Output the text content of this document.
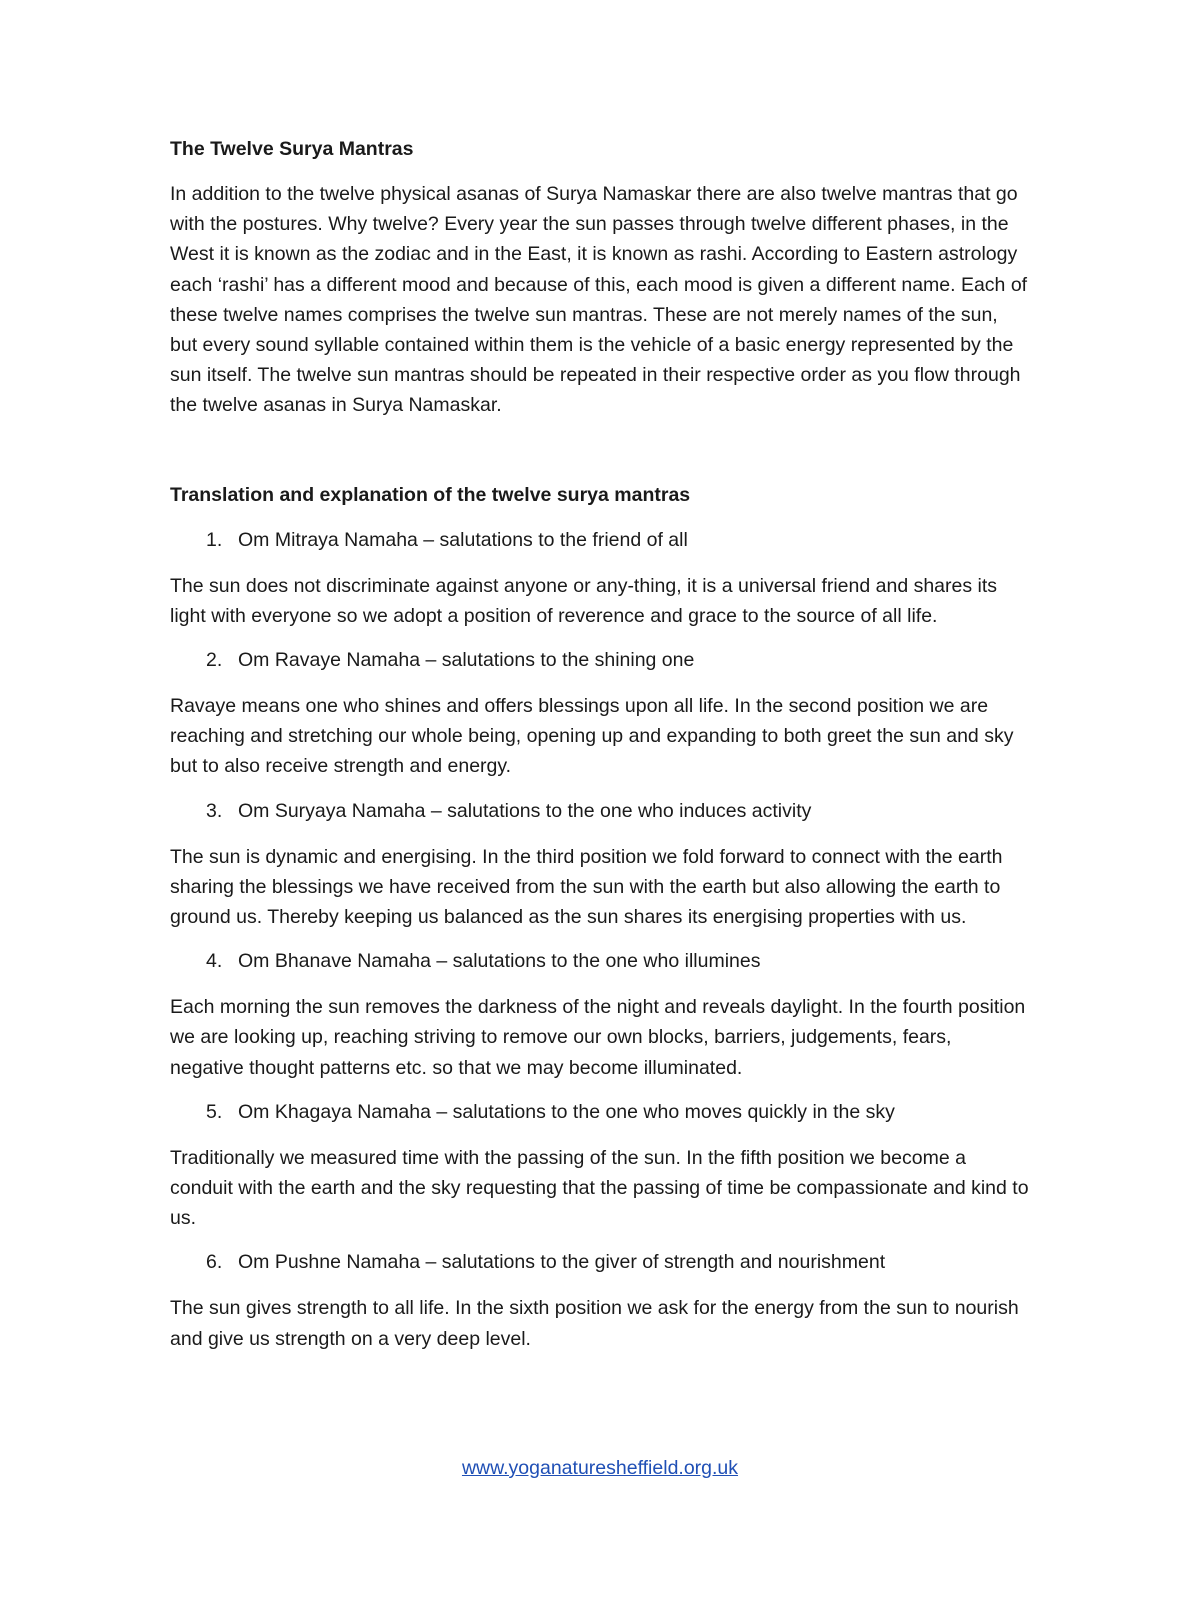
The Twelve Surya Mantras

In addition to the twelve physical asanas of Surya Namaskar there are also twelve mantras that go with the postures. Why twelve? Every year the sun passes through twelve different phases, in the West it is known as the zodiac and in the East, it is known as rashi. According to Eastern astrology each ‘rashi’ has a different mood and because of this, each mood is given a different name. Each of these twelve names comprises the twelve sun mantras. These are not merely names of the sun, but every sound syllable contained within them is the vehicle of a basic energy represented by the sun itself. The twelve sun mantras should be repeated in their respective order as you flow through the twelve asanas in Surya Namaskar.

Translation and explanation of the twelve surya mantras

1. Om Mitraya Namaha – salutations to the friend of all

The sun does not discriminate against anyone or any-thing, it is a universal friend and shares its light with everyone so we adopt a position of reverence and grace to the source of all life.

2. Om Ravaye Namaha – salutations to the shining one

Ravaye means one who shines and offers blessings upon all life. In the second position we are reaching and stretching our whole being, opening up and expanding to both greet the sun and sky but to also receive strength and energy.

3. Om Suryaya Namaha – salutations to the one who induces activity

The sun is dynamic and energising. In the third position we fold forward to connect with the earth sharing the blessings we have received from the sun with the earth but also allowing the earth to ground us. Thereby keeping us balanced as the sun shares its energising properties with us.

4. Om Bhanave Namaha – salutations to the one who illumines

Each morning the sun removes the darkness of the night and reveals daylight. In the fourth position we are looking up, reaching striving to remove our own blocks, barriers, judgements, fears, negative thought patterns etc. so that we may become illuminated.

5. Om Khagaya Namaha – salutations to the one who moves quickly in the sky

Traditionally we measured time with the passing of the sun. In the fifth position we become a conduit with the earth and the sky requesting that the passing of time be compassionate and kind to us.

6. Om Pushne Namaha – salutations to the giver of strength and nourishment

The sun gives strength to all life. In the sixth position we ask for the energy from the sun to nourish and give us strength on a very deep level.

www.yoganaturesheffield.org.uk
